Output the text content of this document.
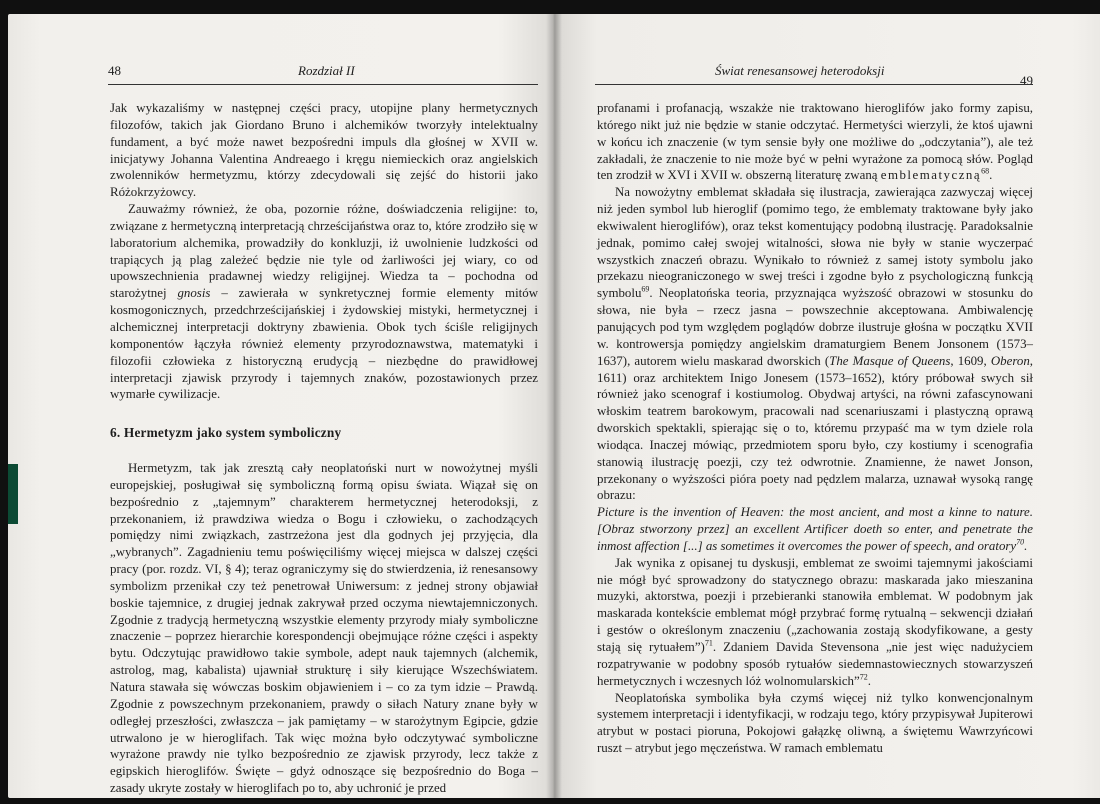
48	Rozdział II

Jak wykazaliśmy w następnej części pracy, utopijne plany hermetycznych filozofów, takich jak Giordano Bruno i alchemików tworzyły intelektualny fundament, a być może nawet bezpośredni impuls dla głośnej w XVII w. inicjatywy Johanna Valentina Andreaego i kręgu niemieckich oraz angielskich zwolenników hermetyzmu, którzy zdecydowali się zejść do historii jako Różokrzyżowcy.

Zauważmy również, że oba, pozornie różne, doświadczenia religijne: to, związane z hermetyczną interpretacją chrześcijaństwa oraz to, które zrodziło się w laboratorium alchemika, prowadziły do konkluzji, iż uwolnienie ludzkości od trapiących ją plag zależeć będzie nie tyle od żarliwości jej wiary, co od upowszechnienia pradawnej wiedzy religijnej. Wiedza ta – pochodna od starożytnej gnosis – zawierała w synkretycznej formie elementy mitów kosmogonicznych, przedchrześcijańskiej i żydowskiej mistyki, hermetycznej i alchemicznej interpretacji doktryny zbawienia. Obok tych ściśle religijnych komponentów łączyła również elementy przyrodoznawstwa, matematyki i filozofii człowieka z historyczną erudycją – niezbędne do prawidłowej interpretacji zjawisk przyrody i tajemnych znaków, pozostawionych przez wymarłe cywilizacje.

6. Hermetyzm jako system symboliczny

Hermetyzm, tak jak zresztą cały neoplatoński nurt w nowożytnej myśli europejskiej, posługiwał się symboliczną formą opisu świata. Wiązał się on bezpośrednio z „tajemnym” charakterem hermetycznej heterodoksji, z przekonaniem, iż prawdziwa wiedza o Bogu i człowieku, o zachodzących pomiędzy nimi związkach, zastrzeżona jest dla godnych jej przyjęcia, dla „wybranych”. Zagadnieniu temu poświęciliśmy więcej miejsca w dalszej części pracy (por. rozdz. VI, § 4); teraz ograniczymy się do stwierdzenia, iż renesansowy symbolizm przenikał czy też penetrował Uniwersum: z jednej strony objawiał boskie tajemnice, z drugiej jednak zakrywał przed oczyma niewtajemniczonych. Zgodnie z tradycją hermetyczną wszystkie elementy przyrody miały symboliczne znaczenie – poprzez hierarchie korespondencji obejmujące różne części i aspekty bytu. Odczytując prawidłowo takie symbole, adept nauk tajemnych (alchemik, astrolog, mag, kabalista) ujawniał strukturę i siły kierujące Wszechświatem. Natura stawała się wówczas boskim objawieniem i – co za tym idzie – Prawdą. Zgodnie z powszechnym przekonaniem, prawdy o siłach Natury znane były w odległej przeszłości, zwłaszcza – jak pamiętamy – w starożytnym Egipcie, gdzie utrwalono je w hieroglifach. Tak więc można było odczytywać symboliczne wyrażone prawdy nie tylko bezpośrednio ze zjawisk przyrody, lecz także z egipskich hieroglifów. Święte – gdyż odnoszące się bezpośrednio do Boga – zasady ukryte zostały w hieroglifach po to, aby uchronić je przed

Świat renesansowej heterodoksji
49

profanami i profanacją, wszakże nie traktowano hieroglifów jako formy zapisu, którego nikt już nie będzie w stanie odczytać. Hermetyści wierzyli, że ktoś ujawni w końcu ich znaczenie (w tym sensie były one możliwe do „odczytania”), ale też zakładali, że znaczenie to nie może być w pełni wyrażone za pomocą słów. Pogląd ten zrodził w XVI i XVII w. obszerną literaturę zwaną emblematyczną$^{68}$.

Na nowożytny emblemat składała się ilustracja, zawierająca zazwyczaj więcej niż jeden symbol lub hieroglif (pomimo tego, że emblematy traktowane były jako ekwiwalent hieroglifów), oraz tekst komentujący podobną ilustrację. Paradoksalnie jednak, pomimo całej swojej witalności, słowa nie były w stanie wyczerpać wszystkich znaczeń obrazu. Wynikało to również z samej istoty symbolu jako przekazu nieograniczonego w swej treści i zgodne było z psychologiczną funkcją symbolu$^{69}$. Neoplatońska teoria, przyznająca wyższość obrazowi w stosunku do słowa, nie była – rzecz jasna – powszechnie akceptowana. Ambiwalencję panujących pod tym względem poglądów dobrze ilustruje głośna w początku XVII w. kontrowersja pomiędzy angielskim dramaturgiem Benem Jonsonem (1573–1637), autorem wielu maskarad dworskich (The Masque of Queens, 1609, Oberon, 1611) oraz architektem Inigo Jonesem (1573–1652), który próbował swych sił również jako scenograf i kostiumolog. Obydwaj artyści, na równi zafascynowani włoskim teatrem barokowym, pracowali nad scenariuszami i plastyczną oprawą dworskich spektakli, spierając się o to, któremu przypaść ma w tym dziele rola wiodąca. Inaczej mówiąc, przedmiotem sporu było, czy kostiumy i scenografia stanowią ilustrację poezji, czy też odwrotnie. Znamienne, że nawet Jonson, przekonany o wyższości pióra poety nad pędzlem malarza, uznawał wysoką rangę obrazu:

Picture is the invention of Heaven: the most ancient, and most a kinne to nature. [Obraz stworzony przez] an excellent Artificer doeth so enter, and penetrate the inmost affection [...] as sometimes it overcomes the power of speech, and oratory$^{70}$.

Jak wynika z opisanej tu dyskusji, emblemat ze swoimi tajemnymi jakościami nie mógł być sprowadzony do statycznego obrazu: maskarada jako mieszanina muzyki, aktorstwa, poezji i przebieranki stanowiła emblemat. W podobnym jak maskarada kontekście emblemat mógł przybrać formę rytualną – sekwencji działań i gestów o określonym znaczeniu („zachowania zostają skodyfikowane, a gesty stają się rytuałem”)$^{71}$. Zdaniem Davida Stevensona „nie jest więc nadużyciem rozpatrywanie w podobny sposób rytuałów siedemnastowiecznych stowarzyszeń hermetycznych i wczesnych lóż wolnomularskich”$^{72}$.

Neoplatońska symbolika była czymś więcej niż tylko konwencjonalnym systemem interpretacji i identyfikacji, w rodzaju tego, który przypisywał Jupiterowi atrybut w postaci pioruna, Pokojowi gałązkę oliwną, a świętemu Wawrzyńcowi ruszt – atrybut jego męczeństwa. W ramach emblematu
